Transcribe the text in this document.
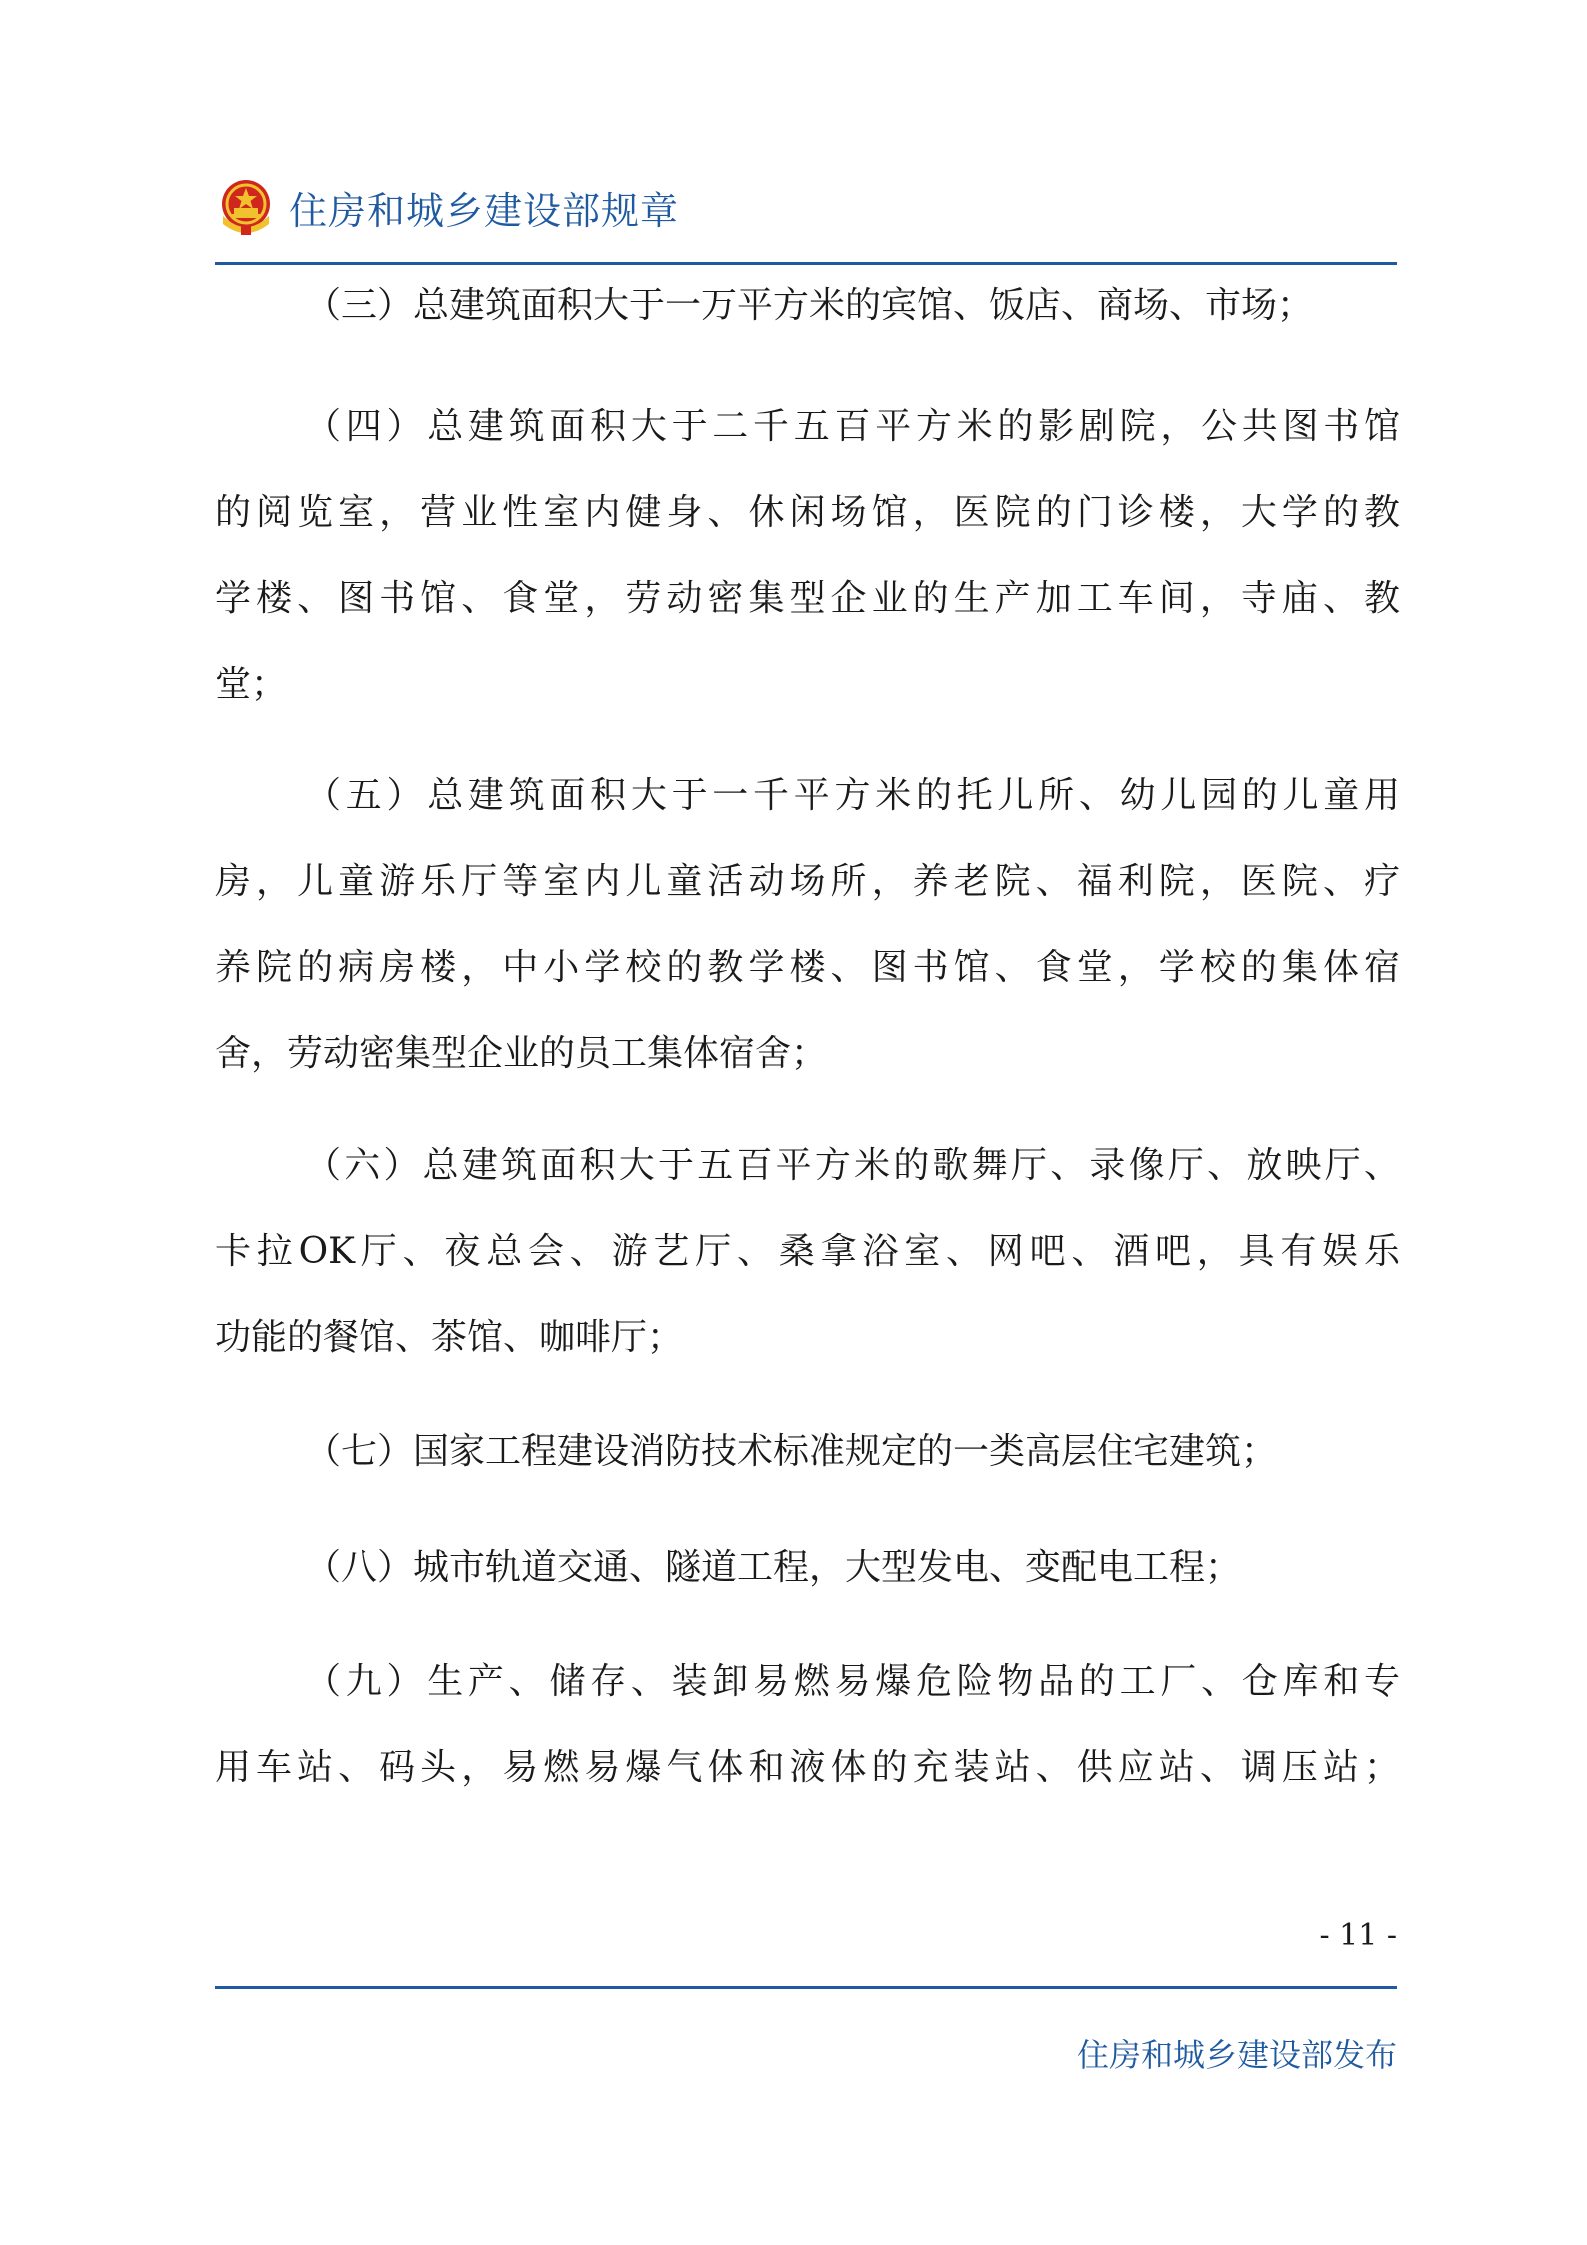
住房和城乡建设部规章

（三）总建筑面积大于一万平方米的宾馆、饭店、商场、市场；

（四）总建筑面积大于二千五百平方米的影剧院，公共图书馆

的阅览室，营业性室内健身、休闲场馆，医院的门诊楼，大学的教

学楼、图书馆、食堂，劳动密集型企业的生产加工车间，寺庙、教

堂；

（五）总建筑面积大于一千平方米的托儿所、幼儿园的儿童用

房，儿童游乐厅等室内儿童活动场所，养老院、福利院，医院、疗

养院的病房楼，中小学校的教学楼、图书馆、食堂，学校的集体宿

舍，劳动密集型企业的员工集体宿舍；

（六）总建筑面积大于五百平方米的歌舞厅、录像厅、放映厅、

卡拉OK厅、夜总会、游艺厅、桑拿浴室、网吧、酒吧，具有娱乐

功能的餐馆、茶馆、咖啡厅；

（七）国家工程建设消防技术标准规定的一类高层住宅建筑；

（八）城市轨道交通、隧道工程，大型发电、变配电工程；

（九）生产、储存、装卸易燃易爆危险物品的工厂、仓库和专

用车站、码头，易燃易爆气体和液体的充装站、供应站、调压站；

- 11 -
住房和城乡建设部发布
